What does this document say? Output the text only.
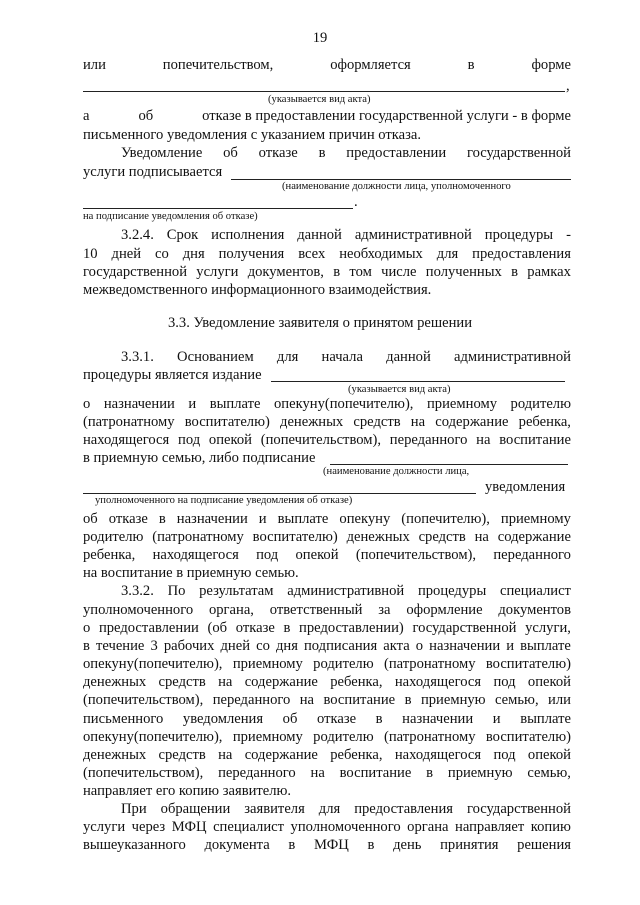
19
или	попечительством,	оформляется	в	форме
,
(указывается вид акта)
а	об	отказе в предоставлении государственной услуги - в форме
письменного уведомления с указанием причин отказа.
Уведомление об отказе в предоставлении государственной
услуги подписывается
(наименование должности лица, уполномоченного
.
на подписание уведомления об отказе)
3.2.4. Срок исполнения данной административной процедуры -
10 дней со дня получения всех необходимых для предоставления
государственной услуги документов, в том числе полученных в рамках
межведомственного информационного взаимодействия.
3.3. Уведомление заявителя о принятом решении
3.3.1. Основанием для начала данной административной
процедуры является издание
(указывается вид акта)
о назначении и выплате опекуну(попечителю), приемному родителю
(патронатному воспитателю) денежных средств на содержание ребенка,
находящегося под опекой (попечительством), переданного на воспитание
в приемную семью, либо подписание
(наименование должности лица,
уведомления
уполномоченного на подписание уведомления об отказе)
об отказе в назначении и выплате опекуну (попечителю), приемному
родителю (патронатному воспитателю) денежных средств на содержание
ребенка, находящегося под опекой (попечительством), переданного
на воспитание в приемную семью.
3.3.2. По результатам административной процедуры специалист
уполномоченного органа, ответственный за оформление документов
о предоставлении (об отказе в предоставлении) государственной услуги,
в течение 3 рабочих дней со дня подписания акта о назначении и выплате
опекуну(попечителю), приемному родителю (патронатному воспитателю)
денежных средств на содержание ребенка, находящегося под опекой
(попечительством), переданного на воспитание в приемную семью, или
письменного уведомления об отказе в назначении и выплате
опекуну(попечителю), приемному родителю (патронатному воспитателю)
денежных средств на содержание ребенка, находящегося под опекой
(попечительством), переданного на воспитание в приемную семью,
направляет его копию заявителю.
При обращении заявителя для предоставления государственной
услуги через МФЦ специалист уполномоченного органа направляет копию
вышеуказанного документа в МФЦ в день принятия решения
